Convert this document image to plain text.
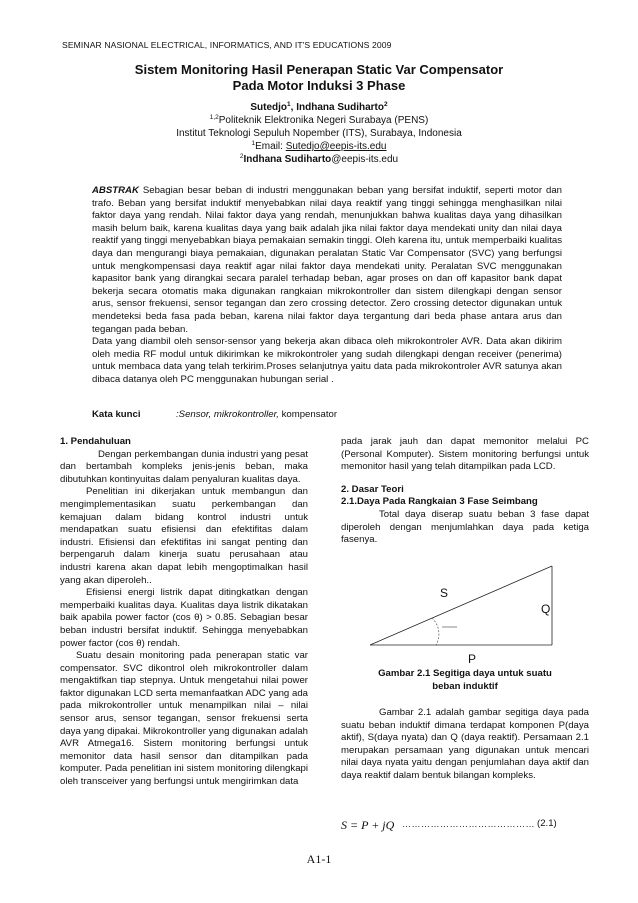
SEMINAR NASIONAL ELECTRICAL, INFORMATICS, AND IT'S EDUCATIONS 2009
Sistem Monitoring Hasil Penerapan Static Var Compensator
Pada Motor Induksi 3 Phase
Sutedjo$^1$, Indhana Sudiharto$^2$
$^{1,2}$Politeknik Elektronika Negeri Surabaya (PENS)
Institut Teknologi Sepuluh Nopember (ITS), Surabaya, Indonesia
$^1$Email: Sutedjo@eepis-its.edu
$^2$Indhana Sudiharto@eepis-its.edu

ABSTRAK Sebagian besar beban di industri menggunakan beban yang bersifat induktif, seperti motor dan trafo. Beban yang bersifat induktif menyebabkan nilai daya reaktif yang tinggi sehingga menghasilkan nilai faktor daya yang rendah. Nilai faktor daya yang rendah, menunjukkan bahwa kualitas daya yang dihasilkan masih belum baik, karena kualitas daya yang baik adalah jika nilai faktor daya mendekati unity dan nilai daya reaktif yang tinggi menyebabkan biaya pemakaian semakin tinggi. Oleh karena itu, untuk memperbaiki kualitas daya dan mengurangi biaya pemakaian, digunakan peralatan Static Var Compensator (SVC) yang berfungsi untuk mengkompensasi daya reaktif agar nilai faktor daya mendekati unity. Peralatan SVC menggunakan kapasitor bank yang dirangkai secara paralel terhadap beban, agar proses on dan off kapasitor bank dapat bekerja secara otomatis maka digunakan rangkaian mikrokontroller dan sistem dilengkapi dengan sensor arus, sensor frekuensi, sensor tegangan dan zero crossing detector. Zero crossing detector digunakan untuk mendeteksi beda fasa pada beban, karena nilai faktor daya tergantung dari beda phase antara arus dan tegangan pada beban.

Data yang diambil oleh sensor-sensor yang bekerja akan dibaca oleh mikrokontroler AVR. Data akan dikirim oleh media RF modul untuk dikirimkan ke mikrokontroler yang sudah dilengkapi dengan receiver (penerima) untuk membaca data yang telah terkirim.Proses selanjutnya yaitu data pada mikrokontroler AVR satunya akan dibaca datanya oleh PC menggunakan hubungan serial .

Kata kunci	:Sensor, mikrokontroller, kompensator

1. Pendahuluan

Dengan perkembangan dunia industri yang pesat dan bertambah kompleks jenis-jenis beban, maka dibutuhkan kontinyuitas dalam penyaluran kualitas daya.

Penelitian ini dikerjakan untuk membangun dan mengimplementasikan suatu perkembangan dan kemajuan dalam bidang kontrol industri untuk mendapatkan suatu efisiensi dan efektifitas dalam industri. Efisiensi dan efektifitas ini sangat penting dan berpengaruh dalam kinerja suatu perusahaan atau industri karena akan dapat lebih mengoptimalkan hasil yang akan diperoleh..

Efisiensi energi listrik dapat ditingkatkan dengan memperbaiki kualitas daya. Kualitas daya listrik dikatakan baik apabila power factor (cos θ) > 0.85. Sebagian besar beban industri bersifat induktif. Sehingga menyebabkan power factor (cos θ) rendah.

Suatu desain monitoring pada penerapan static var compensator. SVC dikontrol oleh mikrokontroller dalam mengaktifkan tiap stepnya. Untuk mengetahui nilai power faktor digunakan LCD serta memanfaatkan ADC yang ada pada mikrokontroller untuk menampilkan nilai – nilai sensor arus, sensor tegangan, sensor frekuensi serta daya yang dipakai. Mikrokontroller yang digunakan adalah AVR Atmega16. Sistem monitoring berfungsi untuk memonitor data hasil sensor dan ditampilkan pada komputer. Pada penelitian ini sistem monitoring dilengkapi oleh transceiver yang berfungsi untuk mengirimkan data

pada jarak jauh dan dapat memonitor melalui PC (Personal Komputer). Sistem monitoring berfungsi untuk memonitor hasil yang telah ditampilkan pada LCD.

2. Dasar Teori

2.1.Daya Pada Rangkaian 3 Fase Seimbang

Total daya diserap suatu beban 3 fase dapat diperoleh dengan menjumlahkan daya pada ketiga fasenya.

S
Q
P
Gambar 2.1 Segitiga daya untuk suatu
beban induktif

Gambar 2.1 adalah gambar segitiga daya pada suatu beban induktif dimana terdapat komponen P(daya aktif), S(daya nyata) dan Q (daya reaktif). Persamaan 2.1 merupakan persamaan yang digunakan untuk mencari nilai daya nyata yaitu dengan penjumlahan daya aktif dan daya reaktif dalam bentuk bilangan kompleks.

S = P + jQ …………………………………… (2.1)
A1-1
